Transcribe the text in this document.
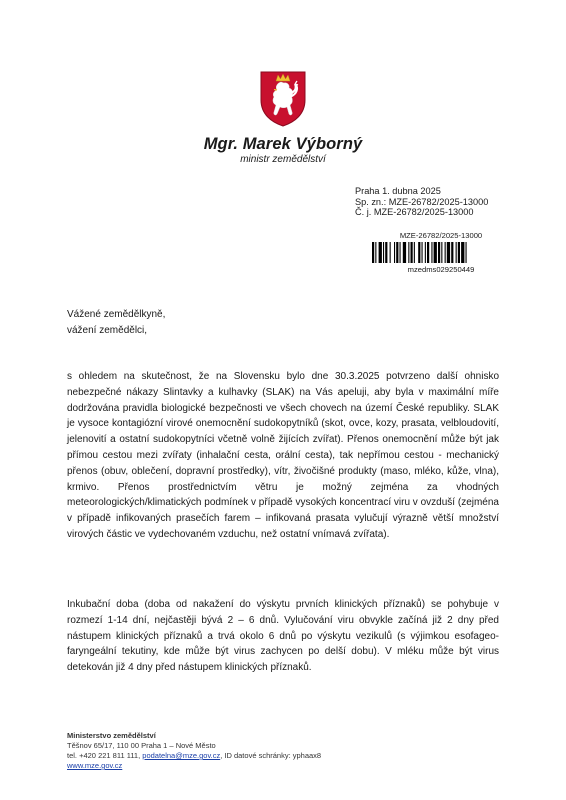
Mgr. Marek Výborný
ministr zemědělství
Praha 1. dubna 2025
Sp. zn.: MZE-26782/2025-13000
Č. j. MZE-26782/2025-13000
MZE-26782/2025-13000
mzedms029250449
Vážené zemědělkyně,
vážení zemědělci,
s ohledem na skutečnost, že na Slovensku bylo dne 30.3.2025 potvrzeno další ohnisko nebezpečné nákazy Slintavky a kulhavky (SLAK) na Vás apeluji, aby byla v maximální míře dodržována pravidla biologické bezpečnosti ve všech chovech na území České republiky. SLAK je vysoce kontagiózní virové onemocnění sudokopytníků (skot, ovce, kozy, prasata, velbloudovití, jelenovití a ostatní sudokopytníci včetně volně žijících zvířat). Přenos onemocnění může být jak přímou cestou mezi zvířaty (inhalační cesta, orální cesta), tak nepřímou cestou - mechanický přenos (obuv, oblečení, dopravní prostředky), vítr, živočišné produkty (maso, mléko, kůže, vlna), krmivo. Přenos prostřednictvím větru je možný zejména za vhodných meteorologických/klimatických podmínek v případě vysokých koncentrací viru v ovzduší (zejména v případě infikovaných prasečích farem – infikovaná prasata vylučují výrazně větší množství virových částic ve vydechovaném vzduchu, než ostatní vnímavá zvířata).
Inkubační doba (doba od nakažení do výskytu prvních klinických příznaků) se pohybuje v rozmezí 1-14 dní, nejčastěji bývá 2 – 6 dnů. Vylučování viru obvykle začíná již 2 dny před nástupem klinických příznaků a trvá okolo 6 dnů po výskytu vezikulů (s výjimkou esofageo-faryngeální tekutiny, kde může být virus zachycen po delší dobu). V mléku může být virus detekován již 4 dny před nástupem klinických příznaků.
Ministerstvo zemědělství
Těšnov 65/17, 110 00 Praha 1 – Nové Město
tel. +420 221 811 111, podatelna@mze.gov.cz, ID datové schránky: yphaax8
www.mze.gov.cz
